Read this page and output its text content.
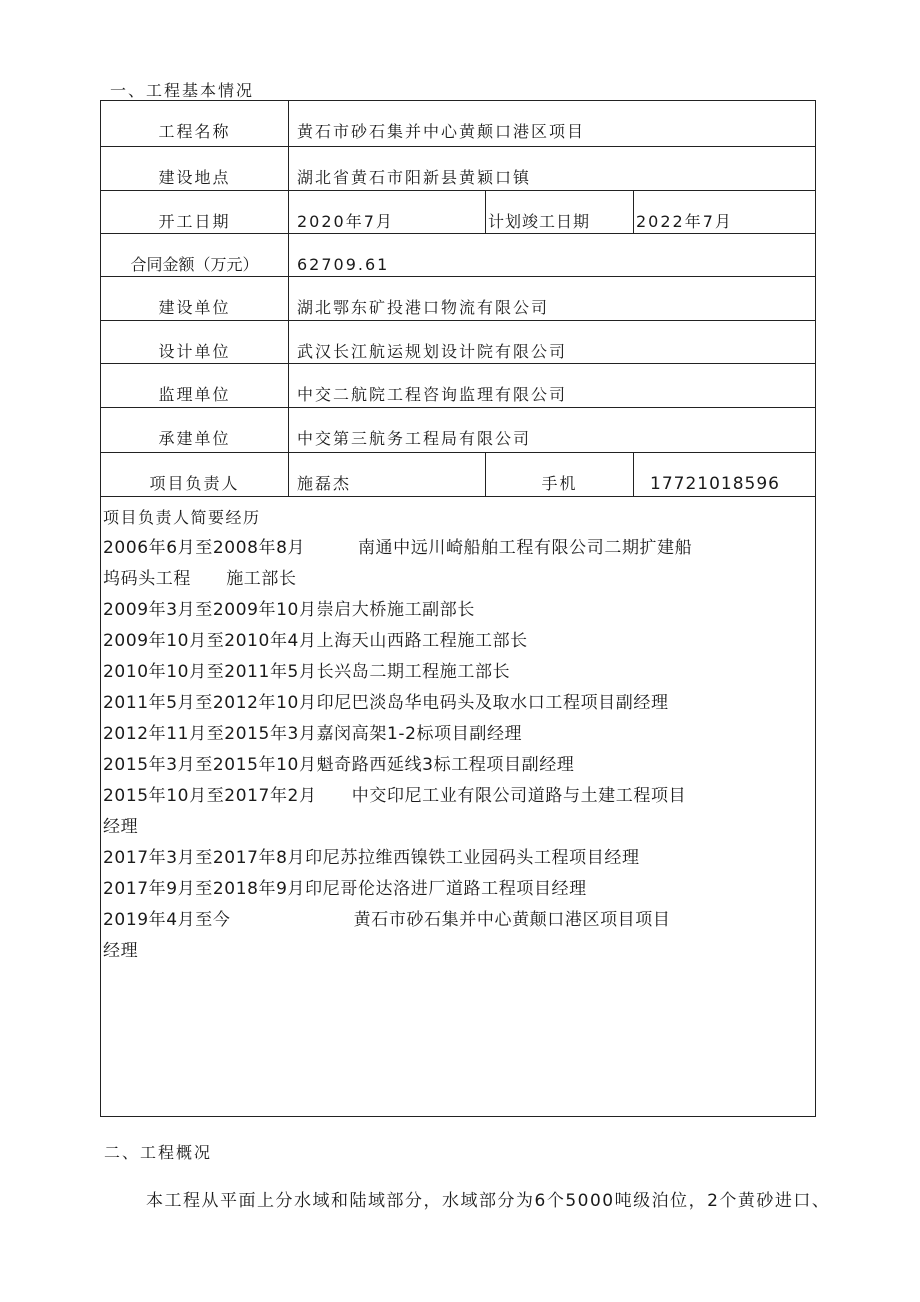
一、工程基本情况
工程名称	黄石市砂石集并中心黄颠口港区项目
建设地点	湖北省黄石市阳新县黄颖口镇
开工日期	2020年7月	计划竣工日期	2022年7月
合同金额（万元）	62709.61
建设单位	湖北鄂东矿投港口物流有限公司
设计单位	武汉长江航运规划设计院有限公司
监理单位	中交二航院工程咨询监理有限公司
承建单位	中交第三航务工程局有限公司
项目负责人	施磊杰	手机	17721018596
项目负责人简要经历
2006年6月至2008年8月　　　南通中远川崎船舶工程有限公司二期扩建船
坞码头工程　　施工部长
2009年3月至2009年10月崇启大桥施工副部长
2009年10月至2010年4月上海天山西路工程施工部长
2010年10月至2011年5月长兴岛二期工程施工部长
2011年5月至2012年10月印尼巴淡岛华电码头及取水口工程项目副经理
2012年11月至2015年3月嘉闵高架1-2标项目副经理
2015年3月至2015年10月魁奇路西延线3标工程项目副经理
2015年10月至2017年2月　　中交印尼工业有限公司道路与土建工程项目
经理
2017年3月至2017年8月印尼苏拉维西镍铁工业园码头工程项目经理
2017年9月至2018年9月印尼哥伦达洛进厂道路工程项目经理
2019年4月至今　　　　　　　黄石市砂石集并中心黄颠口港区项目项目
经理
二、工程概况
本工程从平面上分水域和陆域部分，水域部分为6个5000吨级泊位，2个黄砂进口、
